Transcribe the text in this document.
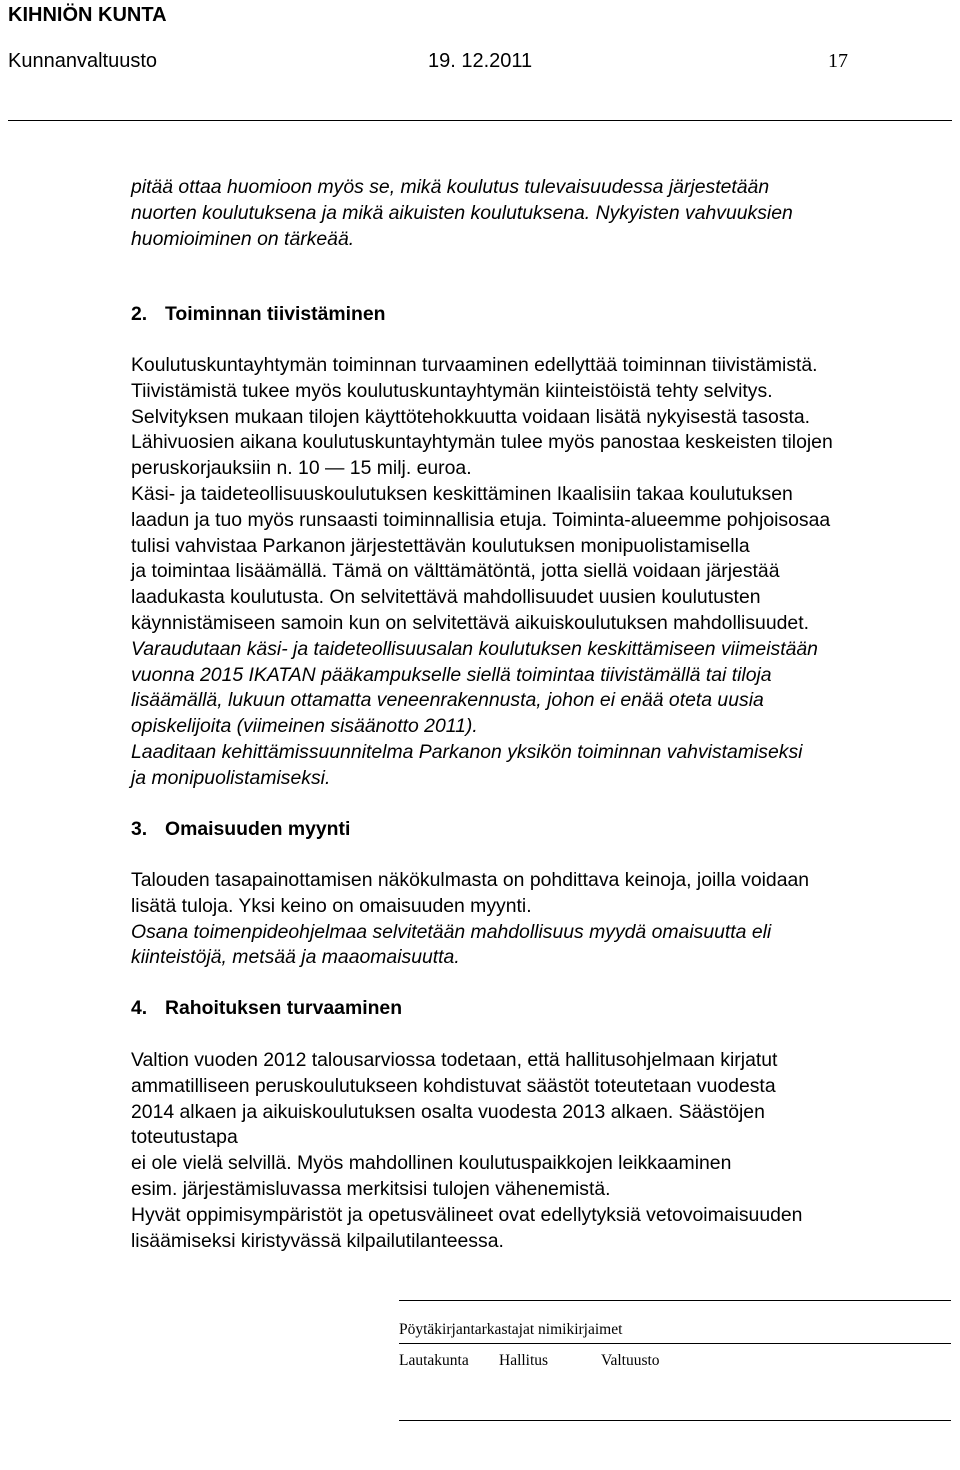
KIHNIÖN KUNTA
Kunnanvaltuusto	19. 12.2011	17
pitää ottaa huomioon myös se, mikä koulutus tulevaisuudessa järjestetään
nuorten koulutuksena ja mikä aikuisten koulutuksena. Nykyisten vahvuuksien
huomioiminen on tärkeää.
2. Toiminnan tiivistäminen
Koulutuskuntayhtymän toiminnan turvaaminen edellyttää toiminnan tiivistämistä.
Tiivistämistä tukee myös koulutuskuntayhtymän kiinteistöistä tehty selvitys.
Selvityksen mukaan tilojen käyttötehokkuutta voidaan lisätä nykyisestä tasosta.
Lähivuosien aikana koulutuskuntayhtymän tulee myös panostaa keskeisten tilojen
peruskorjauksiin n. 10 — 15 milj. euroa.
Käsi- ja taideteollisuuskoulutuksen keskittäminen Ikaalisiin takaa koulutuksen
laadun ja tuo myös runsaasti toiminnallisia etuja. Toiminta-alueemme pohjoisosaa
tulisi vahvistaa Parkanon järjestettävän koulutuksen monipuolistamisella
ja toimintaa lisäämällä. Tämä on välttämätöntä, jotta siellä voidaan järjestää
laadukasta koulutusta. On selvitettävä mahdollisuudet uusien koulutusten
käynnistämiseen samoin kun on selvitettävä aikuiskoulutuksen mahdollisuudet.
Varaudutaan käsi- ja taideteollisuusalan koulutuksen keskittämiseen viimeistään
vuonna 2015 IKATAN pääkampukselle siellä toimintaa tiivistämällä tai tiloja
lisäämällä, lukuun ottamatta veneenrakennusta, johon ei enää oteta uusia
opiskelijoita (viimeinen sisäänotto 2011).
Laaditaan kehittämissuunnitelma Parkanon yksikön toiminnan vahvistamiseksi
ja monipuolistamiseksi.
3. Omaisuuden myynti
Talouden tasapainottamisen näkökulmasta on pohdittava keinoja, joilla voidaan
lisätä tuloja. Yksi keino on omaisuuden myynti.
Osana toimenpideohjelmaa selvitetään mahdollisuus myydä omaisuutta eli
kiinteistöjä, metsää ja maaomaisuutta.
4. Rahoituksen turvaaminen
Valtion vuoden 2012 talousarviossa todetaan, että hallitusohjelmaan kirjatut
ammatilliseen peruskoulutukseen kohdistuvat säästöt toteutetaan vuodesta
2014 alkaen ja aikuiskoulutuksen osalta vuodesta 2013 alkaen. Säästöjen
toteutustapa
ei ole vielä selvillä. Myös mahdollinen koulutuspaikkojen leikkaaminen
esim. järjestämisluvassa merkitsisi tulojen vähenemistä.
Hyvät oppimisympäristöt ja opetusvälineet ovat edellytyksiä vetovoimaisuuden
lisäämiseksi kiristyvässä kilpailutilanteessa.
Pöytäkirjantarkastajat nimikirjaimet
Lautakunta Hallitus	Valtuusto
